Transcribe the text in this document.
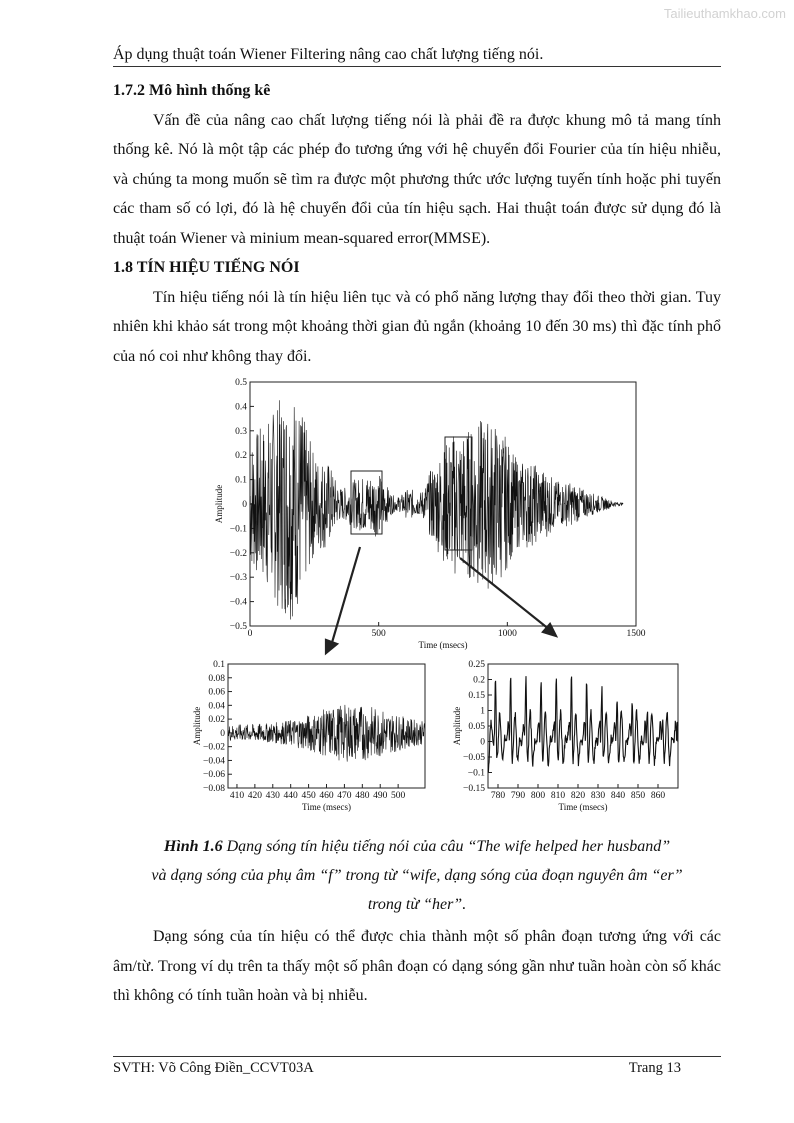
Tailieuthamkhao.com
Áp dụng thuật toán Wiener Filtering nâng cao chất lượng tiếng nói.
1.7.2 Mô hình thống kê

Vấn đề của nâng cao chất lượng tiếng nói là phải đề ra được khung mô tả mang tính thống kê. Nó là một tập các phép đo tương ứng với hệ chuyển đổi Fourier của tín hiệu nhiễu, và chúng ta mong muốn sẽ tìm ra được một phương thức ước lượng tuyến tính hoặc phi tuyến các tham số có lợi, đó là hệ chuyển đổi của tín hiệu sạch. Hai thuật toán được sử dụng đó là thuật toán Wiener và minium mean-squared error(MMSE).

1.8 TÍN HIỆU TIẾNG NÓI

Tín hiệu tiếng nói là tín hiệu liên tục và có phổ năng lượng thay đổi theo thời gian. Tuy nhiên khi khảo sát trong một khoảng thời gian đủ ngắn (khoảng 10 đến 30 ms) thì đặc tính phổ của nó coi như không thay đổi.

0.5
0.4
0.3
0.2
0.1
0
−0.1
−0.2
−0.3
−0.4
−0.5
0	500	1000	1500
Time (msecs)
Amplitude
0.1
0.08
0.06
0.04
0.02
0
−0.02
−0.04
−0.06
−0.08
410 420 430 440 450 460 470 480 490 500
Time (msecs)
Amplitude
0.25
0.2
0.15
1
0.05
0
−0.05
−0.1
−0.15
780 790 800 810 820 830 840 850 860
Time (msecs)
Amplitude

Hình 1.6 Dạng sóng tín hiệu tiếng nói của câu “The wife helped her husband”

và dạng sóng của phụ âm “f” trong từ “wife, dạng sóng của đoạn nguyên âm “er”

trong từ “her”.

Dạng sóng của tín hiệu có thể được chia thành một số phân đoạn tương ứng với các âm/từ. Trong ví dụ trên ta thấy một số phân đoạn có dạng sóng gần như tuần hoàn còn số khác thì không có tính tuần hoàn và bị nhiễu.

SVTH: Võ Công Điền_CCVT03A	Trang 13
